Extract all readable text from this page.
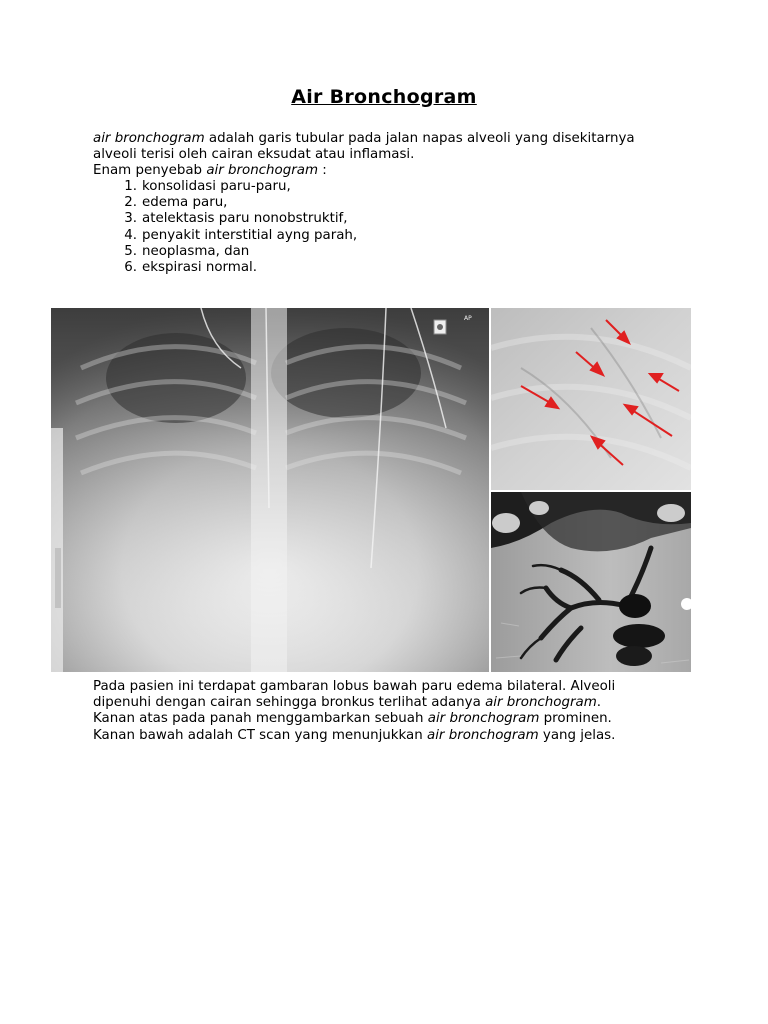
Air Bronchogram
air bronchogram adalah garis tubular pada jalan napas alveoli yang disekitarnya
alveoli terisi oleh cairan eksudat atau inflamasi.
Enam penyebab air bronchogram :
1. konsolidasi paru-paru,
2. edema paru,
3. atelektasis paru nonobstruktif,
4. penyakit interstitial ayng parah,
5. neoplasma, dan
6. ekspirasi normal.
AP
Pada pasien ini terdapat gambaran lobus bawah paru edema bilateral. Alveoli
dipenuhi dengan cairan sehingga bronkus terlihat adanya air bronchogram.
Kanan atas pada panah menggambarkan sebuah air bronchogram prominen.
Kanan bawah adalah CT scan yang menunjukkan air bronchogram yang jelas.
